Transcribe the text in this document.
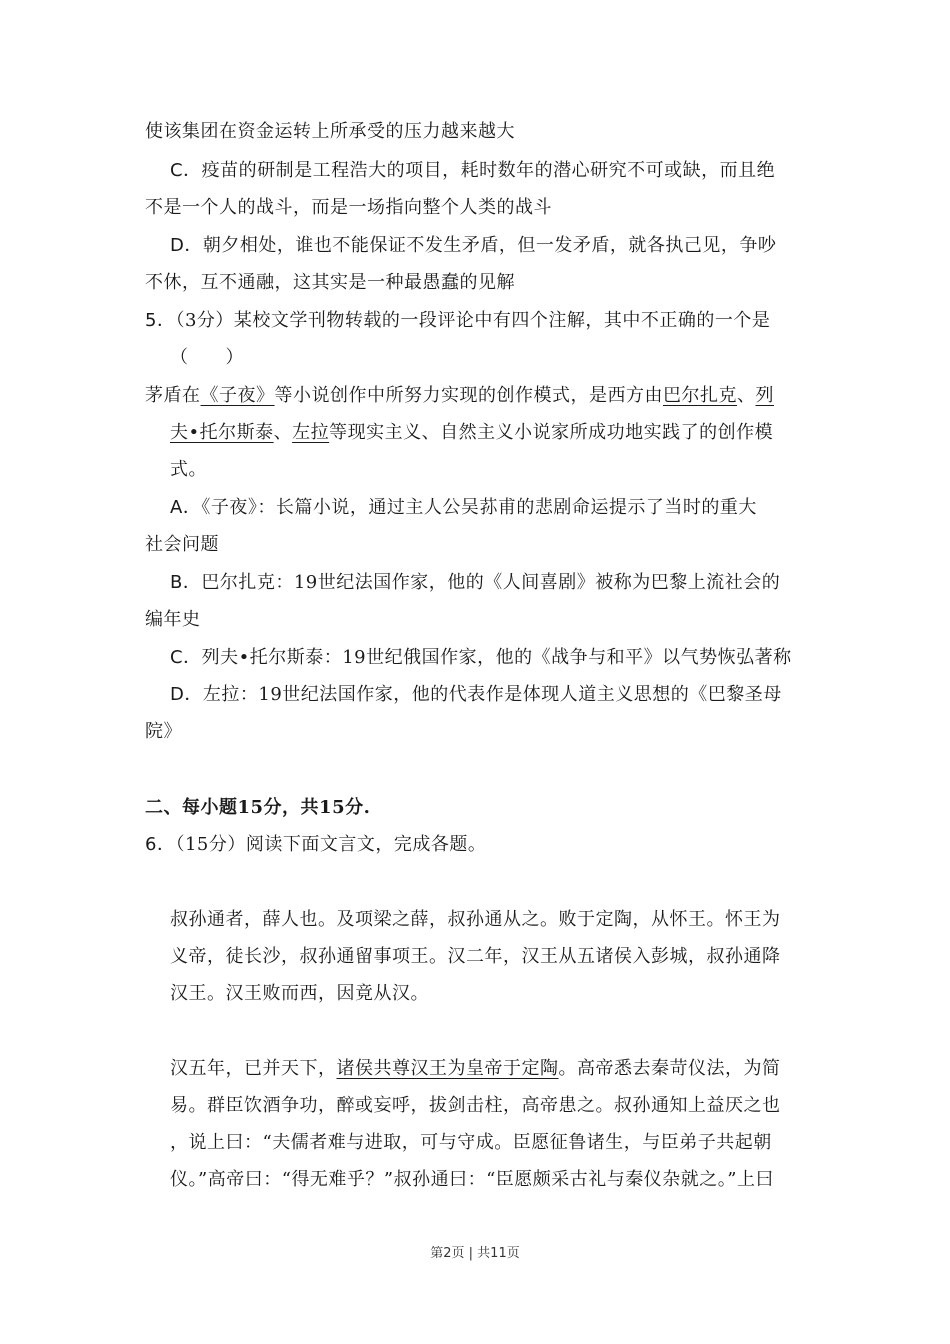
使该集团在资金运转上所承受的压力越来越大
C．疫苗的研制是工程浩大的项目，耗时数年的潜心研究不可或缺，而且绝
不是一个人的战斗，而是一场指向整个人类的战斗
D．朝夕相处，谁也不能保证不发生矛盾，但一发矛盾，就各执己见，争吵
不休，互不通融，这其实是一种最愚蠢的见解
5．（3分）某校文学刊物转载的一段评论中有四个注解，其中不正确的一个是
（　　）
茅盾在《子夜》等小说创作中所努力实现的创作模式，是西方由巴尔扎克、列
夫•托尔斯泰、左拉等现实主义、自然主义小说家所成功地实践了的创作模
式。
A．《子夜》：长篇小说，通过主人公吴荪甫的悲剧命运提示了当时的重大
社会问题
B．巴尔扎克：19世纪法国作家，他的《人间喜剧》被称为巴黎上流社会的
编年史
C．列夫•托尔斯泰：19世纪俄国作家，他的《战争与和平》以气势恢弘著称
D．左拉：19世纪法国作家，他的代表作是体现人道主义思想的《巴黎圣母
院》
二、每小题15分，共15分.
6．（15分）阅读下面文言文，完成各题。
叔孙通者，薛人也。及项梁之薛，叔孙通从之。败于定陶，从怀王。怀王为
义帝，徒长沙，叔孙通留事项王。汉二年，汉王从五诸侯入彭城，叔孙通降
汉王。汉王败而西，因竟从汉。
汉五年，已并天下，诸侯共尊汉王为皇帝于定陶。高帝悉去秦苛仪法，为简
易。群臣饮酒争功，醉或妄呼，拔剑击柱，高帝患之。叔孙通知上益厌之也
，说上曰：“夫儒者难与进取，可与守成。臣愿征鲁诸生，与臣弟子共起朝
仪。”高帝曰：“得无难乎？”叔孙通曰：“臣愿颇采古礼与秦仪杂就之。”上曰
第2页 | 共11页
